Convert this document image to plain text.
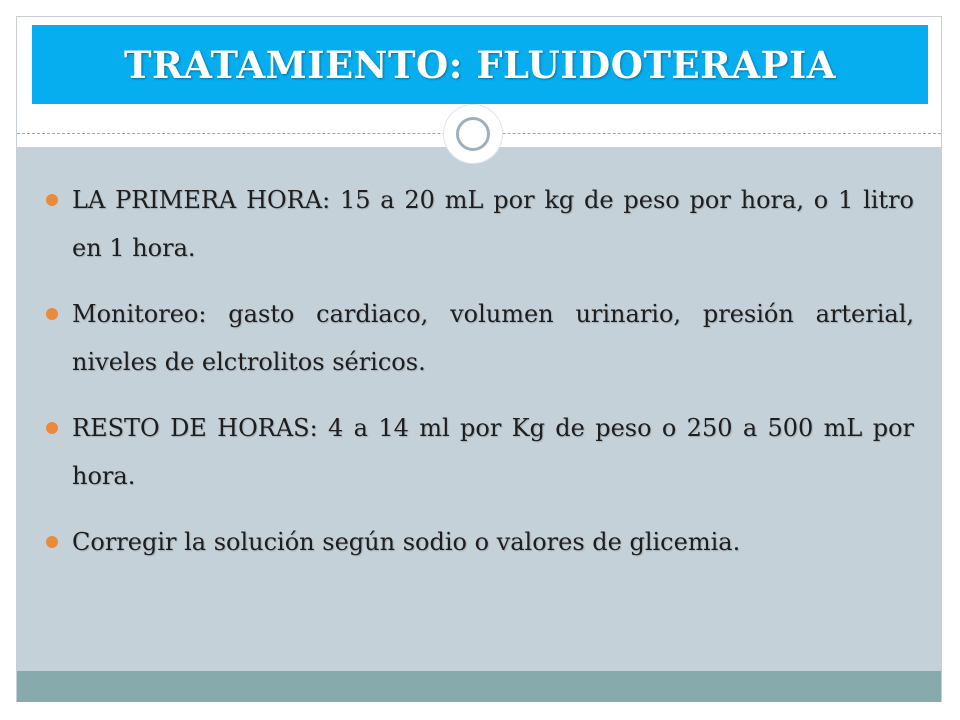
TRATAMIENTO: FLUIDOTERAPIA
LA PRIMERA HORA: 15 a 20 mL por kg de peso por hora, o 1 litro en 1 hora.
Monitoreo: gasto cardiaco, volumen urinario, presión arterial, niveles de elctrolitos séricos.
RESTO DE HORAS: 4 a 14 ml por Kg de peso o 250 a 500 mL por hora.
Corregir la solución según sodio o valores de glicemia.
